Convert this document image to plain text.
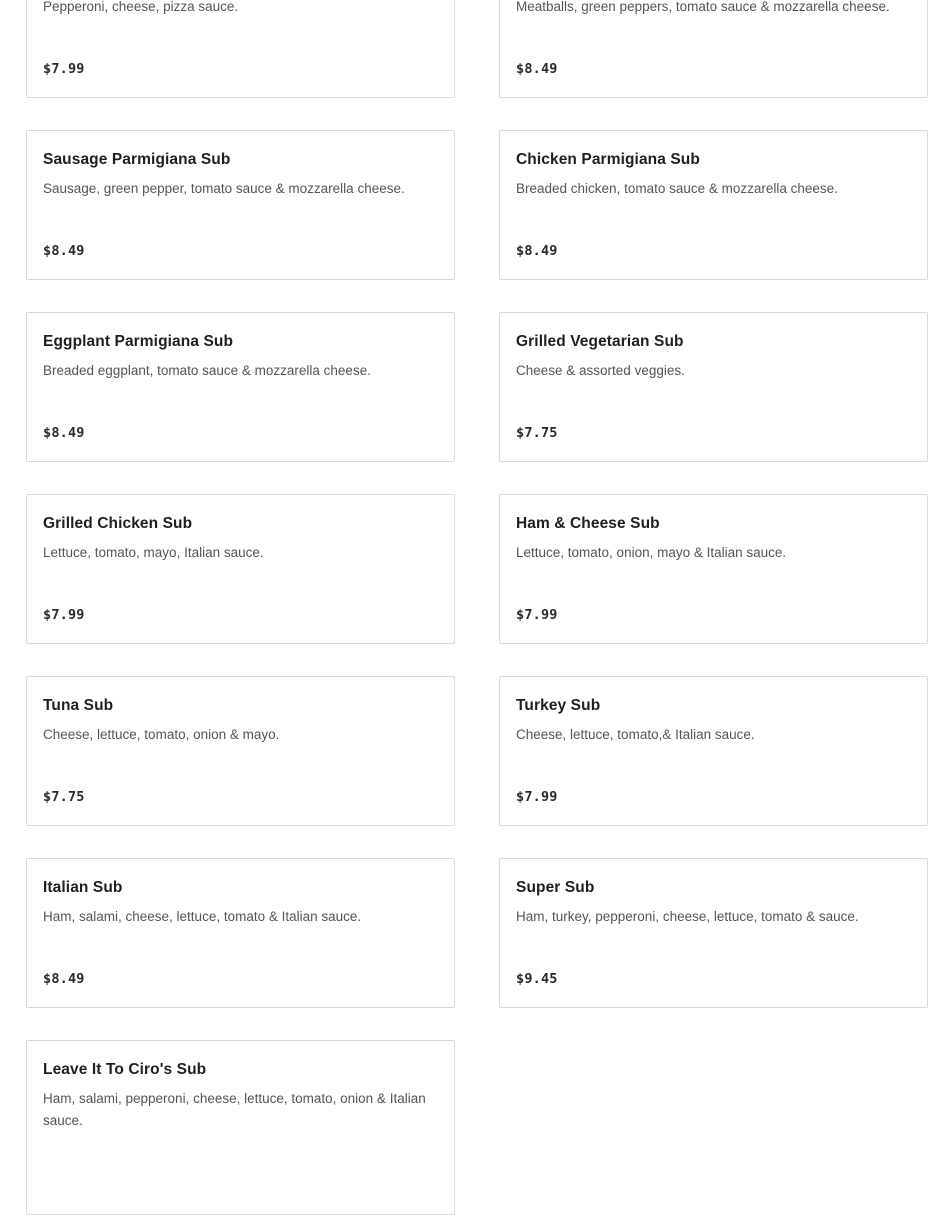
Pepperoni, cheese, pizza sauce.
$7.99
Meatballs, green peppers, tomato sauce & mozzarella cheese.
$8.49
Sausage Parmigiana Sub
Sausage, green pepper, tomato sauce & mozzarella cheese.
$8.49
Chicken Parmigiana Sub
Breaded chicken, tomato sauce & mozzarella cheese.
$8.49
Eggplant Parmigiana Sub
Breaded eggplant, tomato sauce & mozzarella cheese.
$8.49
Grilled Vegetarian Sub
Cheese & assorted veggies.
$7.75
Grilled Chicken Sub
Lettuce, tomato, mayo, Italian sauce.
$7.99
Ham & Cheese Sub
Lettuce, tomato, onion, mayo & Italian sauce.
$7.99
Tuna Sub
Cheese, lettuce, tomato, onion & mayo.
$7.75
Turkey Sub
Cheese, lettuce, tomato,& Italian sauce.
$7.99
Italian Sub
Ham, salami, cheese, lettuce, tomato & Italian sauce.
$8.49
Super Sub
Ham, turkey, pepperoni, cheese, lettuce, tomato & sauce.
$9.45
Leave It To Ciro's Sub
Ham, salami, pepperoni, cheese, lettuce, tomato, onion & Italian sauce.
